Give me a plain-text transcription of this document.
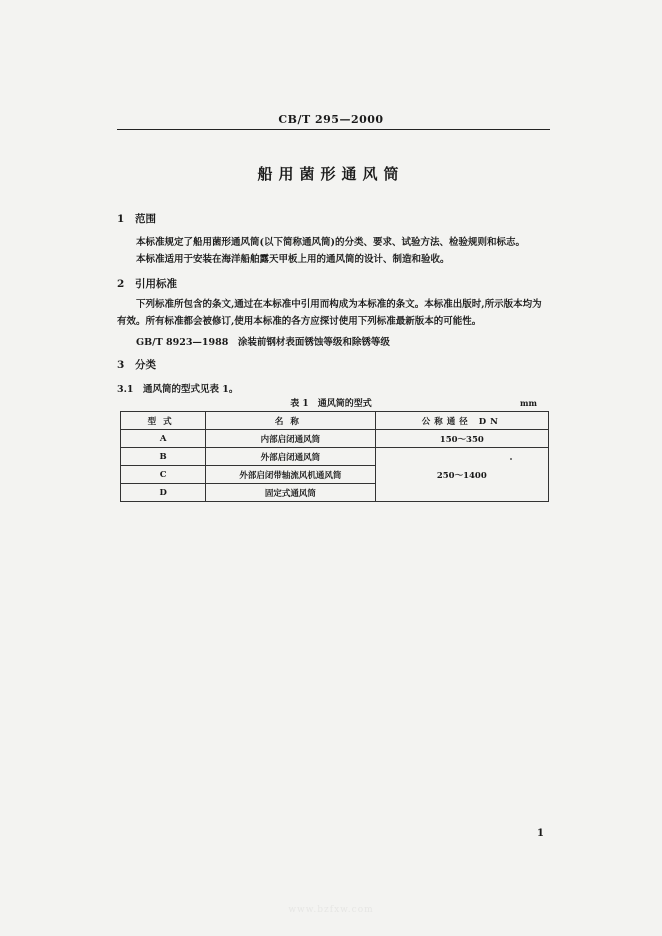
CB/T 295—2000
船用菌形通风筒
1 范围
本标准规定了船用菌形通风筒(以下简称通风筒)的分类、要求、试验方法、检验规则和标志。
本标准适用于安装在海洋船舶露天甲板上用的通风筒的设计、制造和验收。
2 引用标准
下列标准所包含的条文,通过在本标准中引用而构成为本标准的条文。本标准出版时,所示版本均为有效。所有标准都会被修订,使用本标准的各方应探讨使用下列标准最新版本的可能性。
GB/T 8923—1988　涂装前钢材表面锈蚀等级和除锈等级
3 分类
3.1 通风筒的型式见表 1。
表 1　通风筒的型式	mm
型式	名称	公称通径 DN
A	内部启闭通风筒	150～350
B	外部启闭通风筒	250～1400
C	外部启闭带轴流风机通风筒	
D	固定式通风筒	
1
www.bzfxw.com
